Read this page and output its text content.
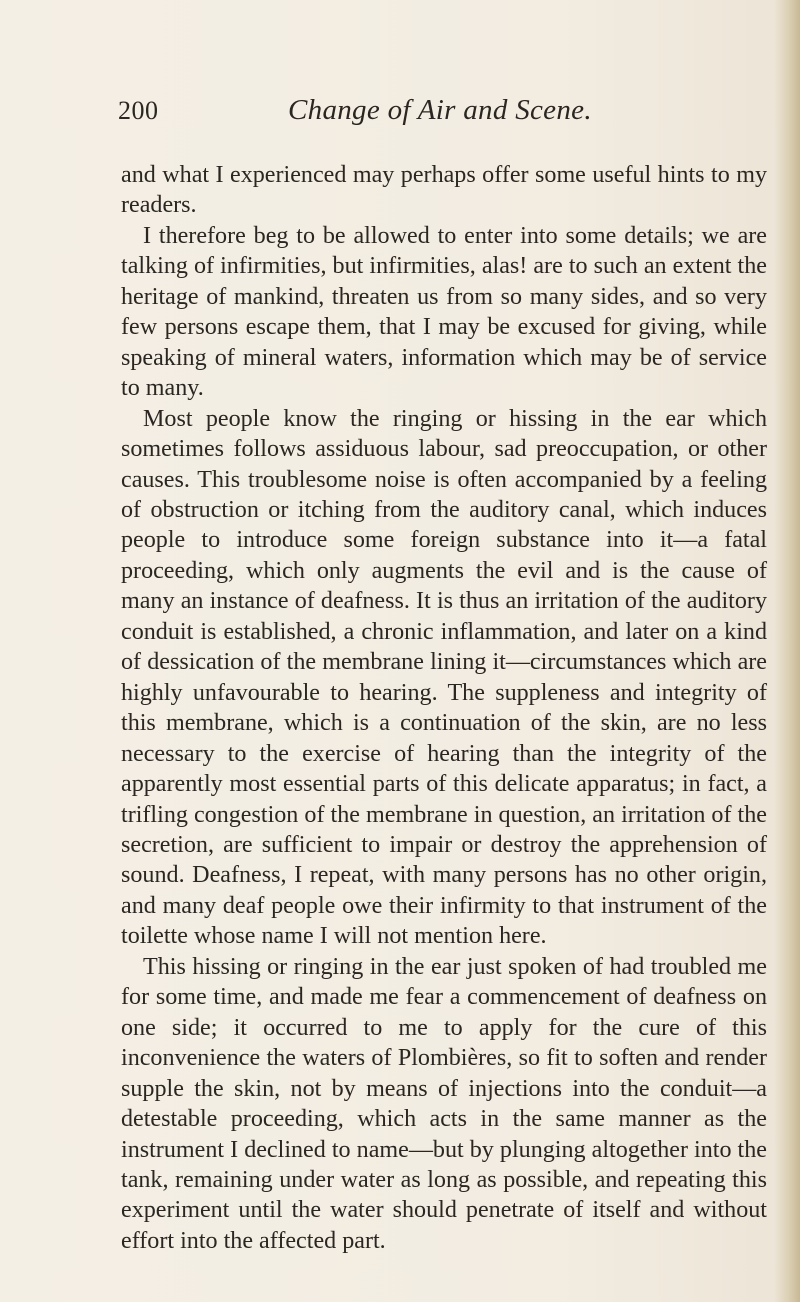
200	Change of Air and Scene.

and what I experienced may perhaps offer some useful hints to my readers.

I therefore beg to be allowed to enter into some details; we are talking of infirmities, but infirmities, alas! are to such an extent the heritage of mankind, threaten us from so many sides, and so very few persons escape them, that I may be excused for giving, while speaking of mineral waters, information which may be of service to many.

Most people know the ringing or hissing in the ear which sometimes follows assiduous labour, sad preoccupation, or other causes. This troublesome noise is often accompanied by a feeling of obstruction or itching from the auditory canal, which induces people to introduce some foreign substance into it—a fatal proceeding, which only augments the evil and is the cause of many an instance of deafness. It is thus an irritation of the auditory conduit is established, a chronic inflammation, and later on a kind of dessication of the membrane lining it—circumstances which are highly unfavourable to hearing. The suppleness and integrity of this membrane, which is a continuation of the skin, are no less necessary to the exercise of hearing than the integrity of the apparently most essential parts of this delicate apparatus; in fact, a trifling congestion of the membrane in question, an irritation of the secretion, are sufficient to impair or destroy the apprehension of sound. Deafness, I repeat, with many persons has no other origin, and many deaf people owe their infirmity to that instrument of the toilette whose name I will not mention here.

This hissing or ringing in the ear just spoken of had troubled me for some time, and made me fear a commencement of deafness on one side; it occurred to me to apply for the cure of this inconvenience the waters of Plombières, so fit to soften and render supple the skin, not by means of injections into the conduit—a detestable proceeding, which acts in the same manner as the instrument I declined to name—but by plunging altogether into the tank, remaining under water as long as possible, and repeating this experiment until the water should penetrate of itself and without effort into the affected part.
